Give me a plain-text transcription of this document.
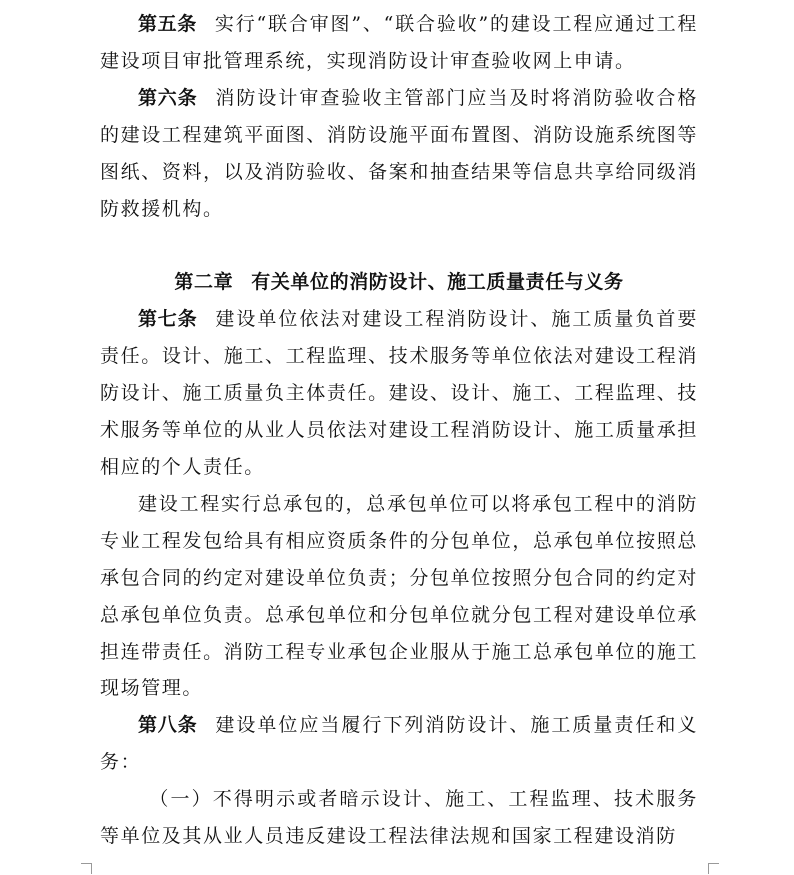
第五条 实行“联合审图”、“联合验收”的建设工程应通过工程建设项目审批管理系统，实现消防设计审查验收网上申请。

第六条 消防设计审查验收主管部门应当及时将消防验收合格的建设工程建筑平面图、消防设施平面布置图、消防设施系统图等图纸、资料，以及消防验收、备案和抽查结果等信息共享给同级消防救援机构。

第二章 有关单位的消防设计、施工质量责任与义务

第七条 建设单位依法对建设工程消防设计、施工质量负首要责任。设计、施工、工程监理、技术服务等单位依法对建设工程消防设计、施工质量负主体责任。建设、设计、施工、工程监理、技术服务等单位的从业人员依法对建设工程消防设计、施工质量承担相应的个人责任。

建设工程实行总承包的，总承包单位可以将承包工程中的消防专业工程发包给具有相应资质条件的分包单位，总承包单位按照总承包合同的约定对建设单位负责；分包单位按照分包合同的约定对总承包单位负责。总承包单位和分包单位就分包工程对建设单位承担连带责任。消防工程专业承包企业服从于施工总承包单位的施工现场管理。

第八条 建设单位应当履行下列消防设计、施工质量责任和义务：

（一）不得明示或者暗示设计、施工、工程监理、技术服务等单位及其从业人员违反建设工程法律法规和国家工程建设消防
